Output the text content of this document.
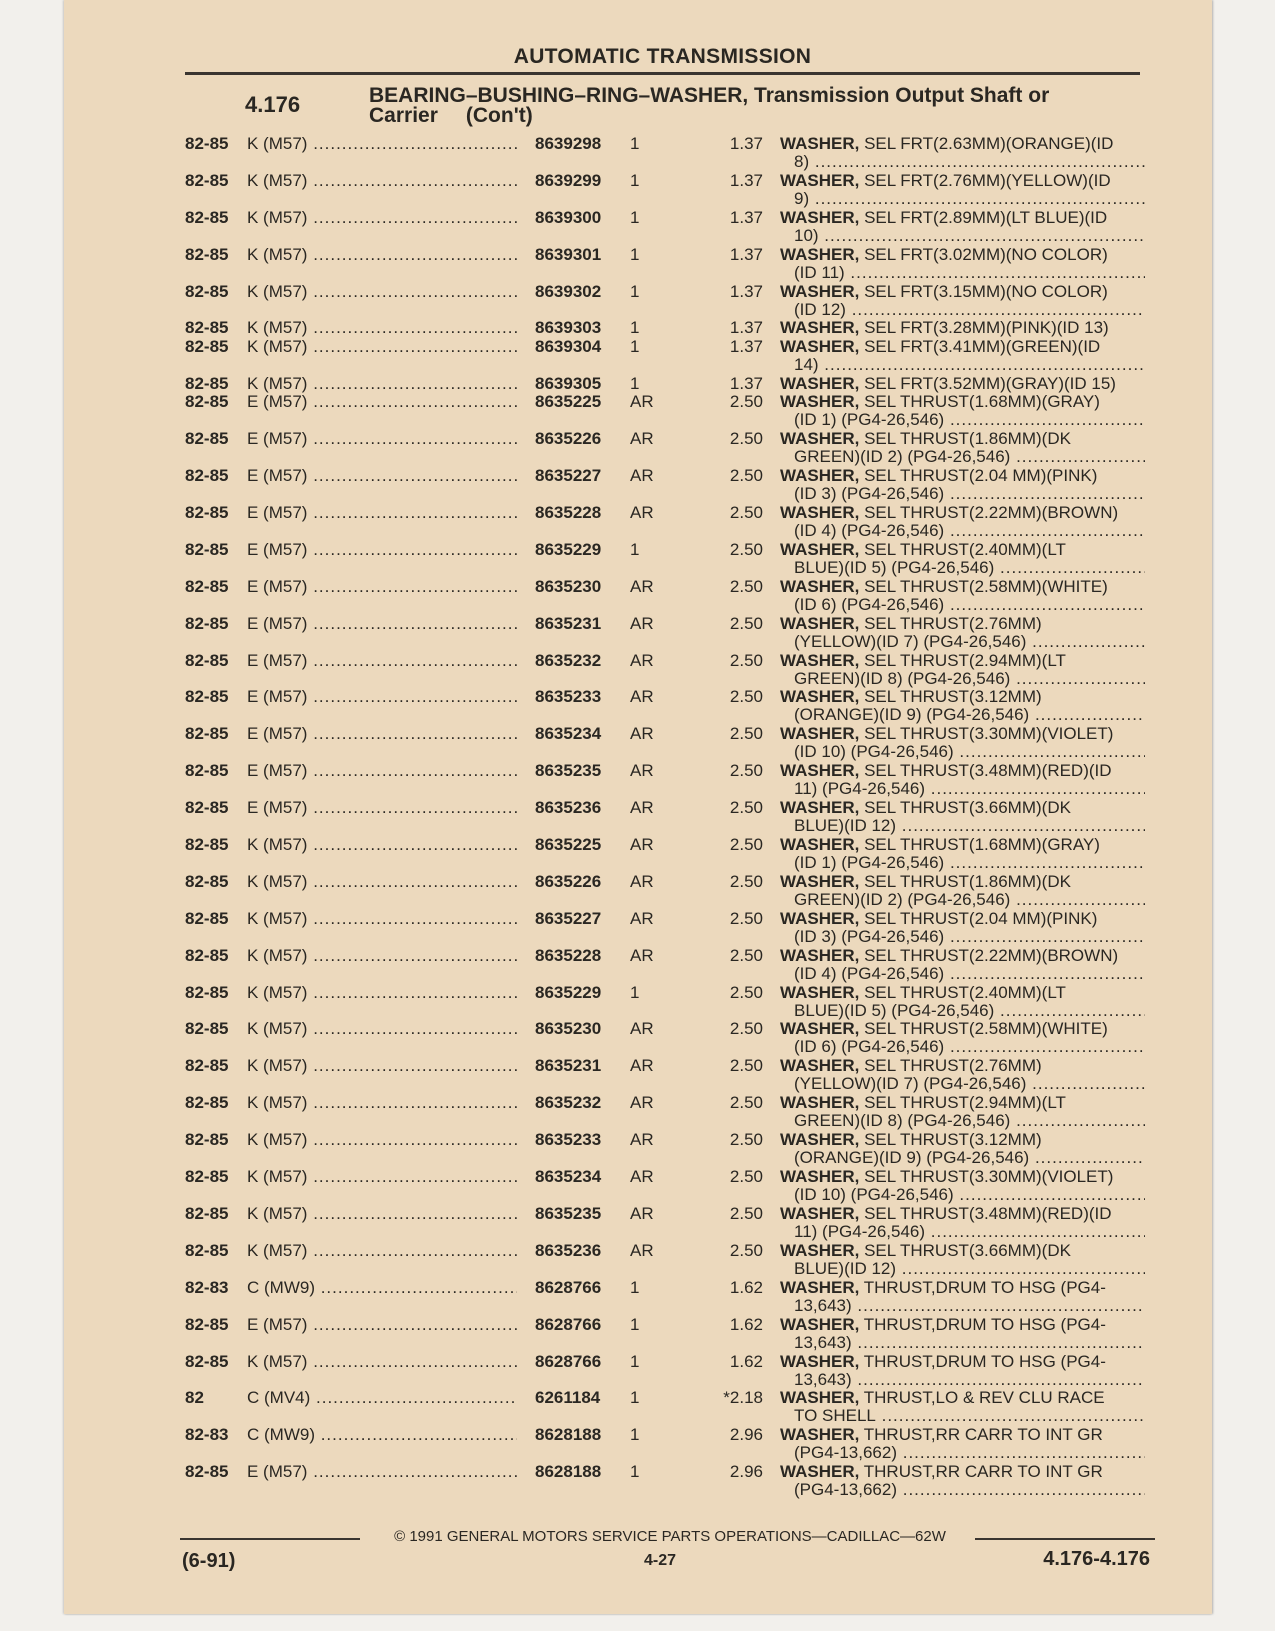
AUTOMATIC TRANSMISSION
4.176	BEARING–BUSHING–RING–WASHER, Transmission Output Shaft or
Carrier (Con't)
82-85	K (M57) .....	8639298	1	1.37 WASHER, SEL FRT(2.63MM)(ORANGE)(ID
8) .....
82-85	K (M57) .....	8639299	1	1.37 WASHER, SEL FRT(2.76MM)(YELLOW)(ID
9) .....
82-85	K (M57) .....	8639300	1	1.37 WASHER, SEL FRT(2.89MM)(LT BLUE)(ID
10) .....
82-85	K (M57) .....	8639301	1	1.37 WASHER, SEL FRT(3.02MM)(NO COLOR)
(ID 11) .....
82-85	K (M57) .....	8639302	1	1.37 WASHER, SEL FRT(3.15MM)(NO COLOR)
(ID 12) .....
82-85	K (M57) .....	8639303	1	1.37 WASHER, SEL FRT(3.28MM)(PINK)(ID 13)
82-85	K (M57) .....	8639304	1	1.37 WASHER, SEL FRT(3.41MM)(GREEN)(ID
14) .....
82-85	K (M57) .....	8639305	1	1.37 WASHER, SEL FRT(3.52MM)(GRAY)(ID 15)
82-85	E (M57) .....	8635225	AR	2.50 WASHER, SEL THRUST(1.68MM)(GRAY)
(ID 1) (PG4-26,546) .....
82-85	E (M57) .....	8635226	AR	2.50 WASHER, SEL THRUST(1.86MM)(DK
GREEN)(ID 2) (PG4-26,546) .....
82-85	E (M57) .....	8635227	AR	2.50 WASHER, SEL THRUST(2.04 MM)(PINK)
(ID 3) (PG4-26,546) .....
82-85	E (M57) .....	8635228	AR	2.50 WASHER, SEL THRUST(2.22MM)(BROWN)
(ID 4) (PG4-26,546) .....
82-85	E (M57) .....	8635229	1	2.50 WASHER, SEL THRUST(2.40MM)(LT
BLUE)(ID 5) (PG4-26,546) .....
82-85	E (M57) .....	8635230	AR	2.50 WASHER, SEL THRUST(2.58MM)(WHITE)
(ID 6) (PG4-26,546) .....
82-85	E (M57) .....	8635231	AR	2.50 WASHER, SEL THRUST(2.76MM)
(YELLOW)(ID 7) (PG4-26,546) .....
82-85	E (M57) .....	8635232	AR	2.50 WASHER, SEL THRUST(2.94MM)(LT
GREEN)(ID 8) (PG4-26,546) .....
82-85	E (M57) .....	8635233	AR	2.50 WASHER, SEL THRUST(3.12MM)
(ORANGE)(ID 9) (PG4-26,546) .....
82-85	E (M57) .....	8635234	AR	2.50 WASHER, SEL THRUST(3.30MM)(VIOLET)
(ID 10) (PG4-26,546) .....
82-85	E (M57) .....	8635235	AR	2.50 WASHER, SEL THRUST(3.48MM)(RED)(ID
11) (PG4-26,546) .....
82-85	E (M57) .....	8635236	AR	2.50 WASHER, SEL THRUST(3.66MM)(DK
BLUE)(ID 12) .....
82-85	K (M57) .....	8635225	AR	2.50 WASHER, SEL THRUST(1.68MM)(GRAY)
(ID 1) (PG4-26,546) .....
82-85	K (M57) .....	8635226	AR	2.50 WASHER, SEL THRUST(1.86MM)(DK
GREEN)(ID 2) (PG4-26,546) .....
82-85	K (M57) .....	8635227	AR	2.50 WASHER, SEL THRUST(2.04 MM)(PINK)
(ID 3) (PG4-26,546) .....
82-85	K (M57) .....	8635228	AR	2.50 WASHER, SEL THRUST(2.22MM)(BROWN)
(ID 4) (PG4-26,546) .....
82-85	K (M57) .....	8635229	1	2.50 WASHER, SEL THRUST(2.40MM)(LT
BLUE)(ID 5) (PG4-26,546) .....
82-85	K (M57) .....	8635230	AR	2.50 WASHER, SEL THRUST(2.58MM)(WHITE)
(ID 6) (PG4-26,546) .....
82-85	K (M57) .....	8635231	AR	2.50 WASHER, SEL THRUST(2.76MM)
(YELLOW)(ID 7) (PG4-26,546) .....
82-85	K (M57) .....	8635232	AR	2.50 WASHER, SEL THRUST(2.94MM)(LT
GREEN)(ID 8) (PG4-26,546) .....
82-85	K (M57) .....	8635233	AR	2.50 WASHER, SEL THRUST(3.12MM)
(ORANGE)(ID 9) (PG4-26,546) .....
82-85	K (M57) .....	8635234	AR	2.50 WASHER, SEL THRUST(3.30MM)(VIOLET)
(ID 10) (PG4-26,546) .....
82-85	K (M57) .....	8635235	AR	2.50 WASHER, SEL THRUST(3.48MM)(RED)(ID
11) (PG4-26,546) .....
82-85	K (M57) .....	8635236	AR	2.50 WASHER, SEL THRUST(3.66MM)(DK
BLUE)(ID 12) .....
82-83	C (MW9) .....	8628766	1	1.62 WASHER, THRUST,DRUM TO HSG (PG4-
13,643) .....
82-85	E (M57) .....	8628766	1	1.62 WASHER, THRUST,DRUM TO HSG (PG4-
13,643) .....
82-85	K (M57) .....	8628766	1	1.62 WASHER, THRUST,DRUM TO HSG (PG4-
13,643) .....
82	C (MV4) .....	6261184	1	*2.18 WASHER, THRUST,LO & REV CLU RACE
TO SHELL .....
82-83	C (MW9) .....	8628188	1	2.96 WASHER, THRUST,RR CARR TO INT GR
(PG4-13,662) .....
82-85	E (M57) .....	8628188	1	2.96 WASHER, THRUST,RR CARR TO INT GR
(PG4-13,662) .....
© 1991 GENERAL MOTORS SERVICE PARTS OPERATIONS—CADILLAC—62W
(6-91)	4-27	4.176-4.176
